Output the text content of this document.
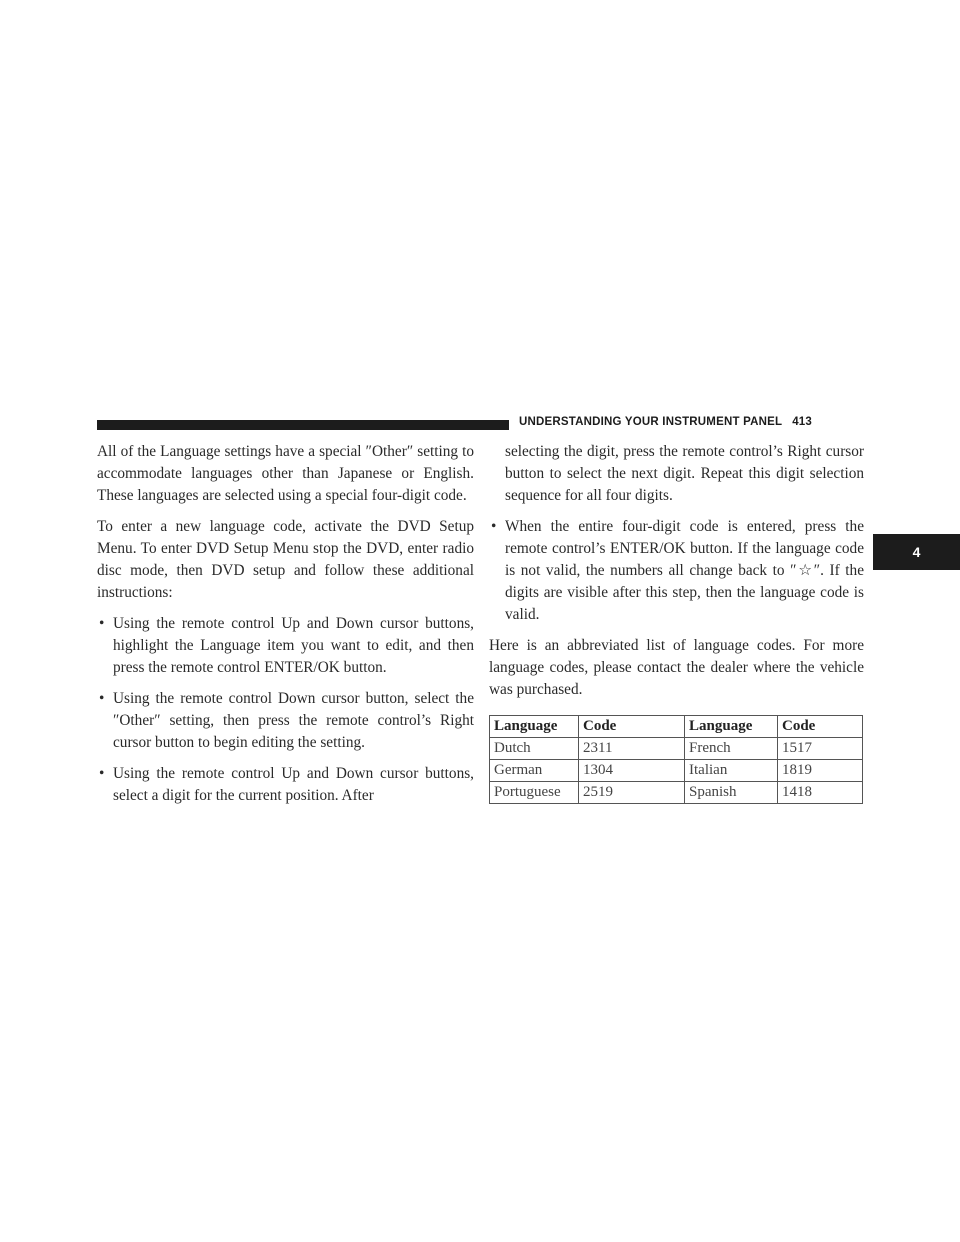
UNDERSTANDING YOUR INSTRUMENT PANEL 413
4

All of the Language settings have a special ″Other″ setting to accommodate languages other than Japanese or English. These languages are selected using a special four-digit code.

To enter a new language code, activate the DVD Setup Menu. To enter DVD Setup Menu stop the DVD, enter radio disc mode, then DVD setup and follow these additional instructions:

• Using the remote control Up and Down cursor buttons, highlight the Language item you want to edit, and then press the remote control ENTER/OK button.
• Using the remote control Down cursor button, select the ″Other″ setting, then press the remote control’s Right cursor button to begin editing the setting.
• Using the remote control Up and Down cursor buttons, select a digit for the current position. After
selecting the digit, press the remote control’s Right cursor button to select the next digit. Repeat this digit selection sequence for all four digits.
• When the entire four-digit code is entered, press the remote control’s ENTER/OK button. If the language code is not valid, the numbers all change back to ″☆″. If the digits are visible after this step, then the language code is valid.

Here is an abbreviated list of language codes. For more language codes, please contact the dealer where the vehicle was purchased.

Language	Code	Language	Code
Dutch	2311	French	1517
German	1304	Italian	1819
Portuguese	2519	Spanish	1418
